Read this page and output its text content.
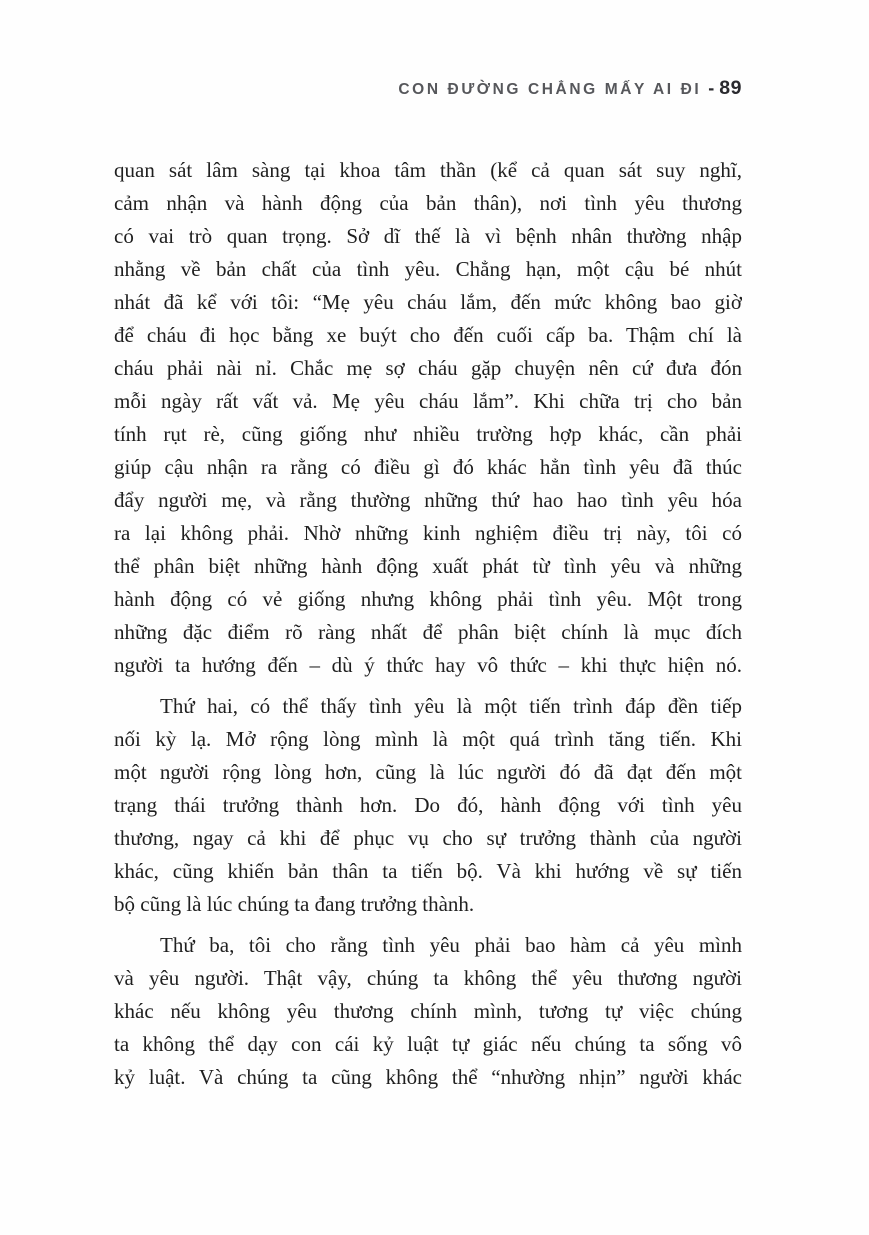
CON ĐƯỜNG CHẲNG MẤY AI ĐI - 89
quan sát lâm sàng tại khoa tâm thần (kể cả quan sát suy nghĩ,
cảm nhận và hành động của bản thân), nơi tình yêu thương
có vai trò quan trọng. Sở dĩ thế là vì bệnh nhân thường nhập
nhằng về bản chất của tình yêu. Chẳng hạn, một cậu bé nhút
nhát đã kể với tôi: “Mẹ yêu cháu lắm, đến mức không bao giờ
để cháu đi học bằng xe buýt cho đến cuối cấp ba. Thậm chí là
cháu phải nài nỉ. Chắc mẹ sợ cháu gặp chuyện nên cứ đưa đón
mỗi ngày rất vất vả. Mẹ yêu cháu lắm”. Khi chữa trị cho bản
tính rụt rè, cũng giống như nhiều trường hợp khác, cần phải
giúp cậu nhận ra rằng có điều gì đó khác hẳn tình yêu đã thúc
đẩy người mẹ, và rằng thường những thứ hao hao tình yêu hóa
ra lại không phải. Nhờ những kinh nghiệm điều trị này, tôi có
thể phân biệt những hành động xuất phát từ tình yêu và những
hành động có vẻ giống nhưng không phải tình yêu. Một trong
những đặc điểm rõ ràng nhất để phân biệt chính là mục đích
người ta hướng đến – dù ý thức hay vô thức – khi thực hiện nó.
Thứ hai, có thể thấy tình yêu là một tiến trình đáp đền tiếp
nối kỳ lạ. Mở rộng lòng mình là một quá trình tăng tiến. Khi
một người rộng lòng hơn, cũng là lúc người đó đã đạt đến một
trạng thái trưởng thành hơn. Do đó, hành động với tình yêu
thương, ngay cả khi để phục vụ cho sự trưởng thành của người
khác, cũng khiến bản thân ta tiến bộ. Và khi hướng về sự tiến
bộ cũng là lúc chúng ta đang trưởng thành.
Thứ ba, tôi cho rằng tình yêu phải bao hàm cả yêu mình
và yêu người. Thật vậy, chúng ta không thể yêu thương người
khác nếu không yêu thương chính mình, tương tự việc chúng
ta không thể dạy con cái kỷ luật tự giác nếu chúng ta sống vô
kỷ luật. Và chúng ta cũng không thể “nhường nhịn” người khác
